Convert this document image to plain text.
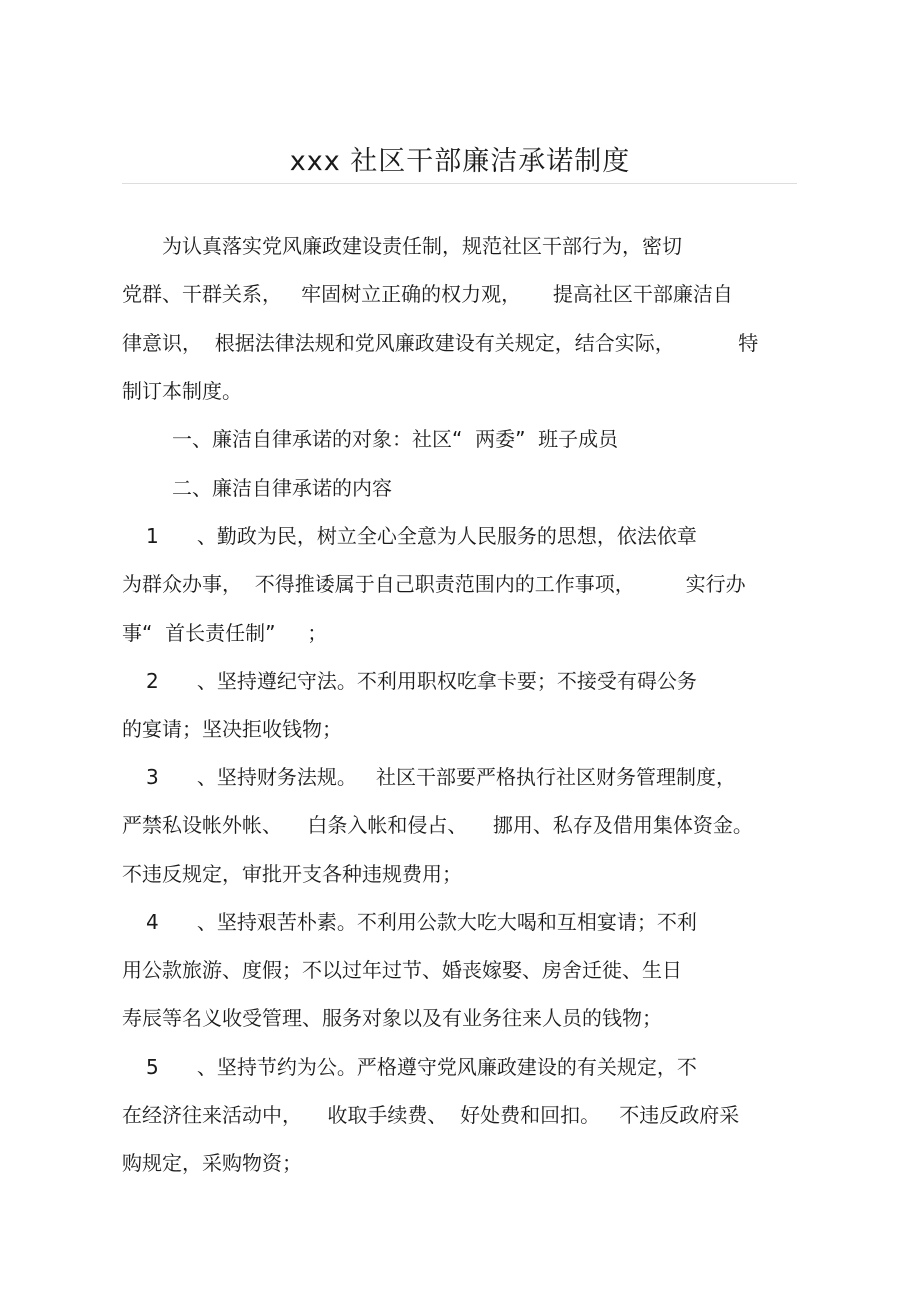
xxx 社区干部廉洁承诺制度

为认真落实党风廉政建设责任制，规范社区干部行为，密切

党群、干群关系，   牢固树立正确的权力观，     提高社区干部廉洁自

律意识，  根据法律法规和党风廉政建设有关规定，结合实际，          特

制订本制度。

一、廉洁自律承诺的对象：社区“  两委”  班子成员

二、廉洁自律承诺的内容

1      、勤政为民，树立全心全意为人民服务的思想，依法依章

为群众办事，  不得推诿属于自己职责范围内的工作事项，        实行办

事“  首长责任制”     ；

2      、坚持遵纪守法。不利用职权吃拿卡要；不接受有碍公务

的宴请；坚决拒收钱物；

3      、坚持财务法规。   社区干部要严格执行社区财务管理制度，

严禁私设帐外帐、    白条入帐和侵占、    挪用、私存及借用集体资金。

不违反规定，审批开支各种违规费用；

4      、坚持艰苦朴素。不利用公款大吃大喝和互相宴请；不利

用公款旅游、度假；不以过年过节、婚丧嫁娶、房舍迁徙、生日

寿辰等名义收受管理、服务对象以及有业务往来人员的钱物；

5      、坚持节约为公。严格遵守党风廉政建设的有关规定，不

在经济往来活动中，    收取手续费、  好处费和回扣。   不违反政府采

购规定，采购物资；
